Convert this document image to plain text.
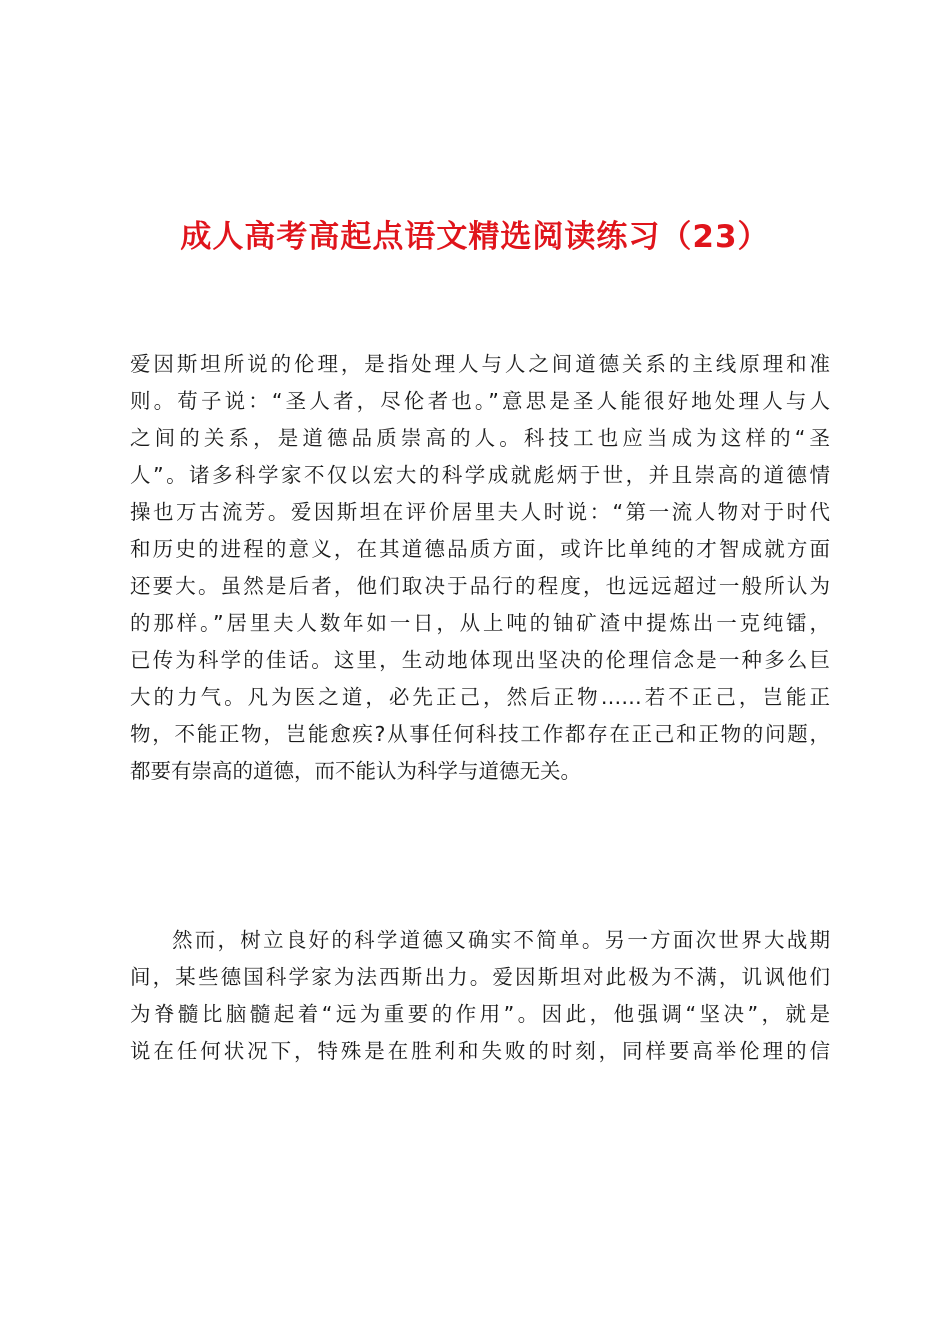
成人高考高起点语文精选阅读练习（23）
爱因斯坦所说的伦理，是指处理人与人之间道德关系的主线原理和准
则。荀子说：“圣人者，尽伦者也。”意思是圣人能很好地处理人与人
之间的关系，是道德品质崇高的人。科技工也应当成为这样的“圣
人”。诸多科学家不仅以宏大的科学成就彪炳于世，并且崇高的道德情
操也万古流芳。爱因斯坦在评价居里夫人时说：“第一流人物对于时代
和历史的进程的意义，在其道德品质方面，或许比单纯的才智成就方面
还要大。虽然是后者，他们取决于品行的程度，也远远超过一般所认为
的那样。”居里夫人数年如一日，从上吨的铀矿渣中提炼出一克纯镭，
已传为科学的佳话。这里，生动地体现出坚决的伦理信念是一种多么巨
大的力气。凡为医之道，必先正己，然后正物……若不正己，岂能正
物，不能正物，岂能愈疾?从事任何科技工作都存在正己和正物的问题，
都要有崇高的道德，而不能认为科学与道德无关。
然而，树立良好的科学道德又确实不简单。另一方面次世界大战期
间，某些德国科学家为法西斯出力。爱因斯坦对此极为不满，讥讽他们
为脊髓比脑髓起着“远为重要的作用”。因此，他强调“坚决”，就是
说在任何状况下，特殊是在胜利和失败的时刻，同样要高举伦理的信
